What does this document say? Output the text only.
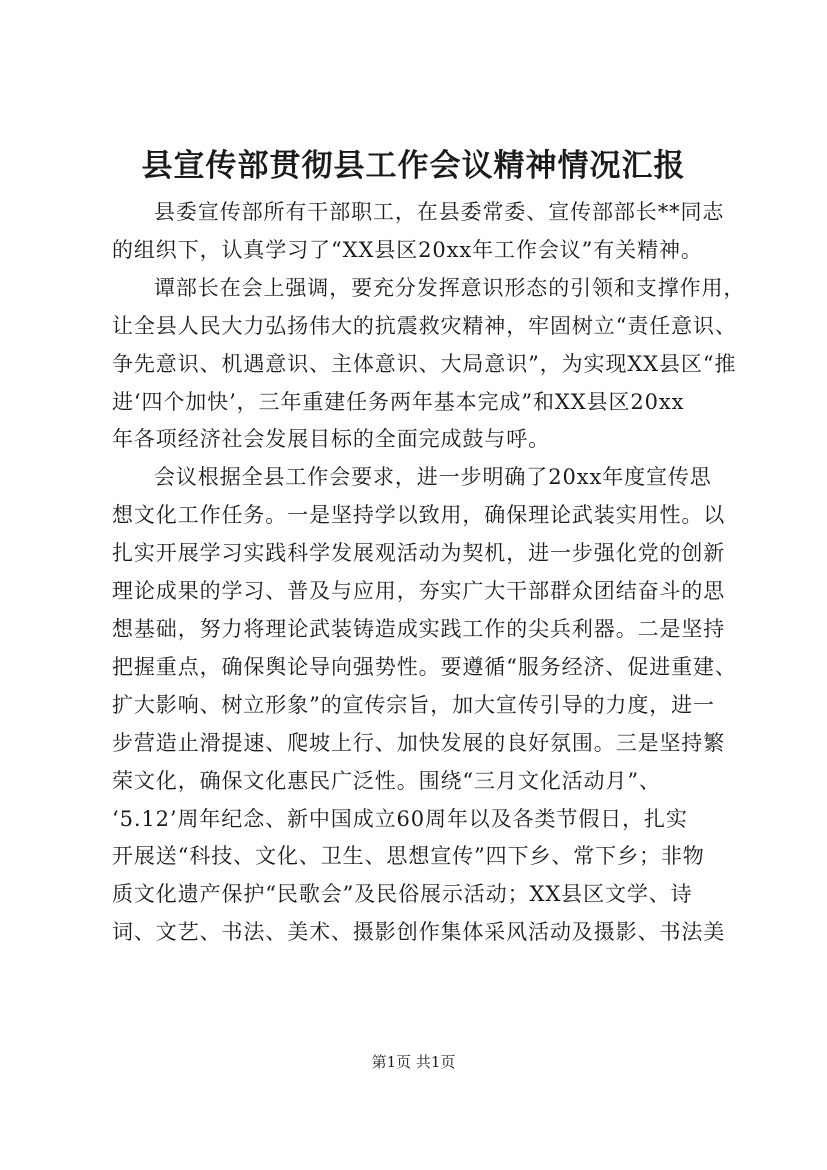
县宣传部贯彻县工作会议精神情况汇报

县委宣传部所有干部职工，在县委常委、宣传部部长**同志
的组织下，认真学习了“XX县区20xx年工作会议”有关精神。

谭部长在会上强调，要充分发挥意识形态的引领和支撑作用，
让全县人民大力弘扬伟大的抗震救灾精神，牢固树立“责任意识、
争先意识、机遇意识、主体意识、大局意识”，为实现XX县区“推
进‘四个加快’，三年重建任务两年基本完成”和XX县区20xx
年各项经济社会发展目标的全面完成鼓与呼。

会议根据全县工作会要求，进一步明确了20xx年度宣传思
想文化工作任务。一是坚持学以致用，确保理论武装实用性。以
扎实开展学习实践科学发展观活动为契机，进一步强化党的创新
理论成果的学习、普及与应用，夯实广大干部群众团结奋斗的思
想基础，努力将理论武装铸造成实践工作的尖兵利器。二是坚持
把握重点，确保舆论导向强势性。要遵循“服务经济、促进重建、
扩大影响、树立形象”的宣传宗旨，加大宣传引导的力度，进一
步营造止滑提速、爬坡上行、加快发展的良好氛围。三是坚持繁
荣文化，确保文化惠民广泛性。围绕“三月文化活动月”、
‘5.12’周年纪念、新中国成立60周年以及各类节假日，扎实
开展送“科技、文化、卫生、思想宣传”四下乡、常下乡；非物
质文化遗产保护“民歌会”及民俗展示活动；XX县区文学、诗
词、文艺、书法、美术、摄影创作集体采风活动及摄影、书法美

第1页 共1页
